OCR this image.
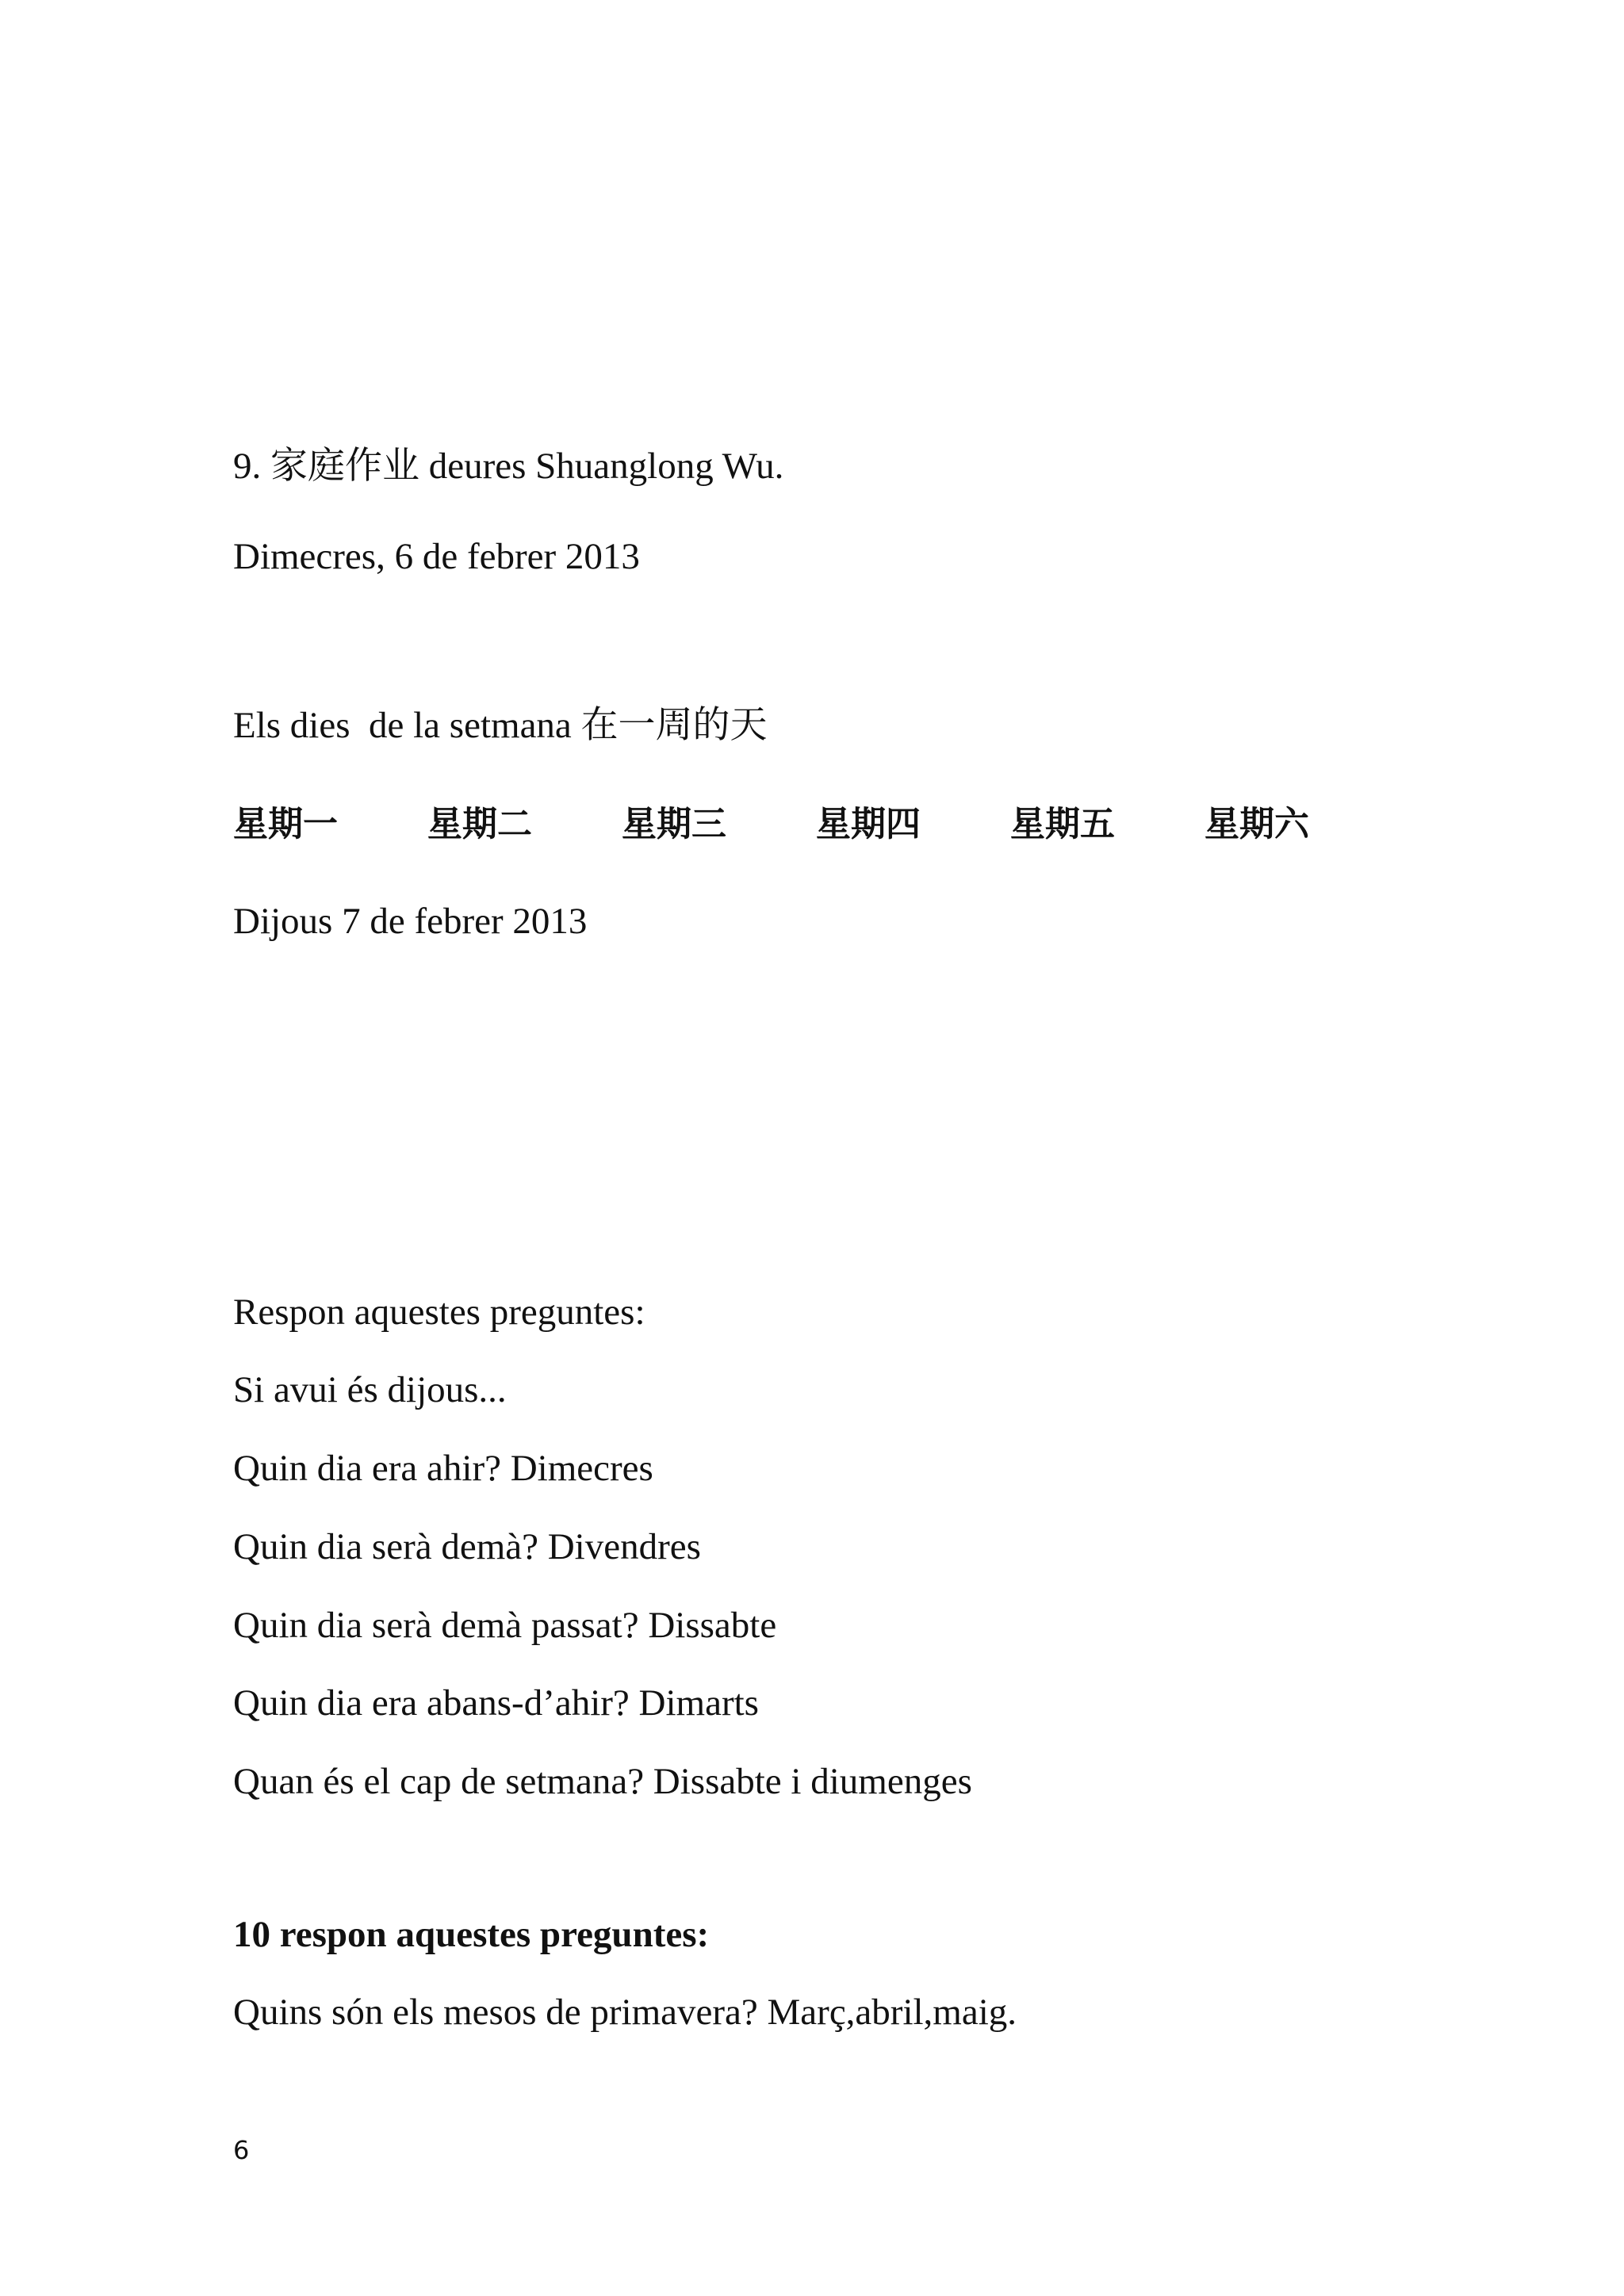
9. 家庭作业 deures Shuanglong Wu.
Dimecres, 6 de febrer 2013
Els dies  de la setmana 在一周的天
星期一	星期二	星期三	星期四	星期五	星期六
Dijous 7 de febrer 2013
Respon aquestes preguntes:
Si avui és dijous...
Quin dia era ahir? Dimecres
Quin dia serà demà? Divendres
Quin dia serà demà passat? Dissabte
Quin dia era abans-d’ahir? Dimarts
Quan és el cap de setmana? Dissabte i diumenges
10 respon aquestes preguntes:
Quins són els mesos de primavera? Març,abril,maig.
6
